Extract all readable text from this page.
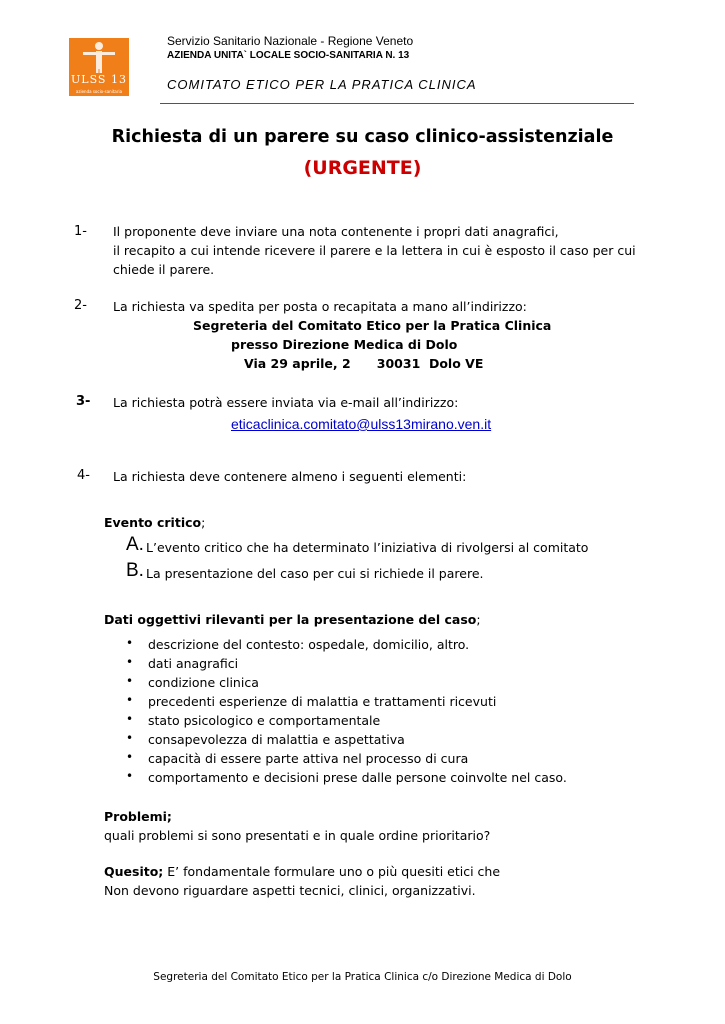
ULSS 13
azienda socio-sanitaria
Servizio Sanitario Nazionale - Regione Veneto
AZIENDA UNITA` LOCALE SOCIO-SANITARIA N. 13
COMITATO ETICO PER LA PRATICA CLINICA
Richiesta di un parere su caso clinico-assistenziale
(URGENTE)
1- Il proponente deve inviare una nota contenente i propri dati anagrafici,
il recapito a cui intende ricevere il parere e la lettera in cui è esposto il caso per cui
chiede il parere.
2- La richiesta va spedita per posta o recapitata a mano all’indirizzo:
Segreteria del Comitato Etico per la Pratica Clinica
presso Direzione Medica di Dolo
Via 29 aprile, 2      30031  Dolo VE
3- La richiesta potrà essere inviata via e-mail all’indirizzo:
eticaclinica.comitato@ulss13mirano.ven.it
4- La richiesta deve contenere almeno i seguenti elementi:
Evento critico;
A. L’evento critico che ha determinato l’iniziativa di rivolgersi al comitato
B. La presentazione del caso per cui si richiede il parere.
Dati oggettivi rilevanti per la presentazione del caso;
• descrizione del contesto: ospedale, domicilio, altro.
• dati anagrafici
• condizione clinica
• precedenti esperienze di malattia e trattamenti ricevuti
• stato psicologico e comportamentale
• consapevolezza di malattia e aspettativa
• capacità di essere parte attiva nel processo di cura
• comportamento e decisioni prese dalle persone coinvolte nel caso.
Problemi;
quali problemi si sono presentati e in quale ordine prioritario?
Quesito; E’ fondamentale formulare uno o più quesiti etici che
Non devono riguardare aspetti tecnici, clinici, organizzativi.
Segreteria del Comitato Etico per la Pratica Clinica c/o Direzione Medica di Dolo
